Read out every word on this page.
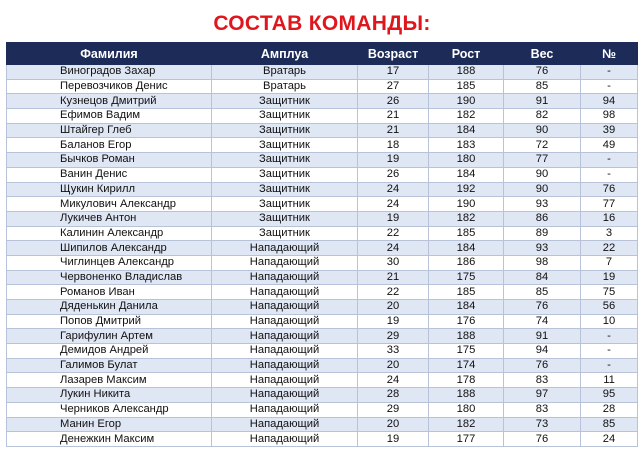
СОСТАВ КОМАНДЫ:
Фамилия	Амплуа	Возраст	Рост	Вес	№
Виноградов Захар	Вратарь	17	188	76	-
Перевозчиков Денис	Вратарь	27	185	85	-
Кузнецов Дмитрий	Защитник	26	190	91	94
Ефимов Вадим	Защитник	21	182	82	98
Штайгер Глеб	Защитник	21	184	90	39
Баланов Егор	Защитник	18	183	72	49
Бычков Роман	Защитник	19	180	77	-
Ванин Денис	Защитник	26	184	90	-
Щукин Кирилл	Защитник	24	192	90	76
Микулович Александр	Защитник	24	190	93	77
Лукичев Антон	Защитник	19	182	86	16
Калинин Александр	Защитник	22	185	89	3
Шипилов Александр	Нападающий	24	184	93	22
Чиглинцев Александр	Нападающий	30	186	98	7
Червоненко Владислав	Нападающий	21	175	84	19
Романов Иван	Нападающий	22	185	85	75
Дяденькин Данила	Нападающий	20	184	76	56
Попов Дмитрий	Нападающий	19	176	74	10
Гарифулин Артем	Нападающий	29	188	91	-
Демидов Андрей	Нападающий	33	175	94	-
Галимов Булат	Нападающий	20	174	76	-
Лазарев Максим	Нападающий	24	178	83	11
Лукин Никита	Нападающий	28	188	97	95
Черников Александр	Нападающий	29	180	83	28
Манин Егор	Нападающий	20	182	73	85
Денежкин Максим	Нападающий	19	177	76	24
